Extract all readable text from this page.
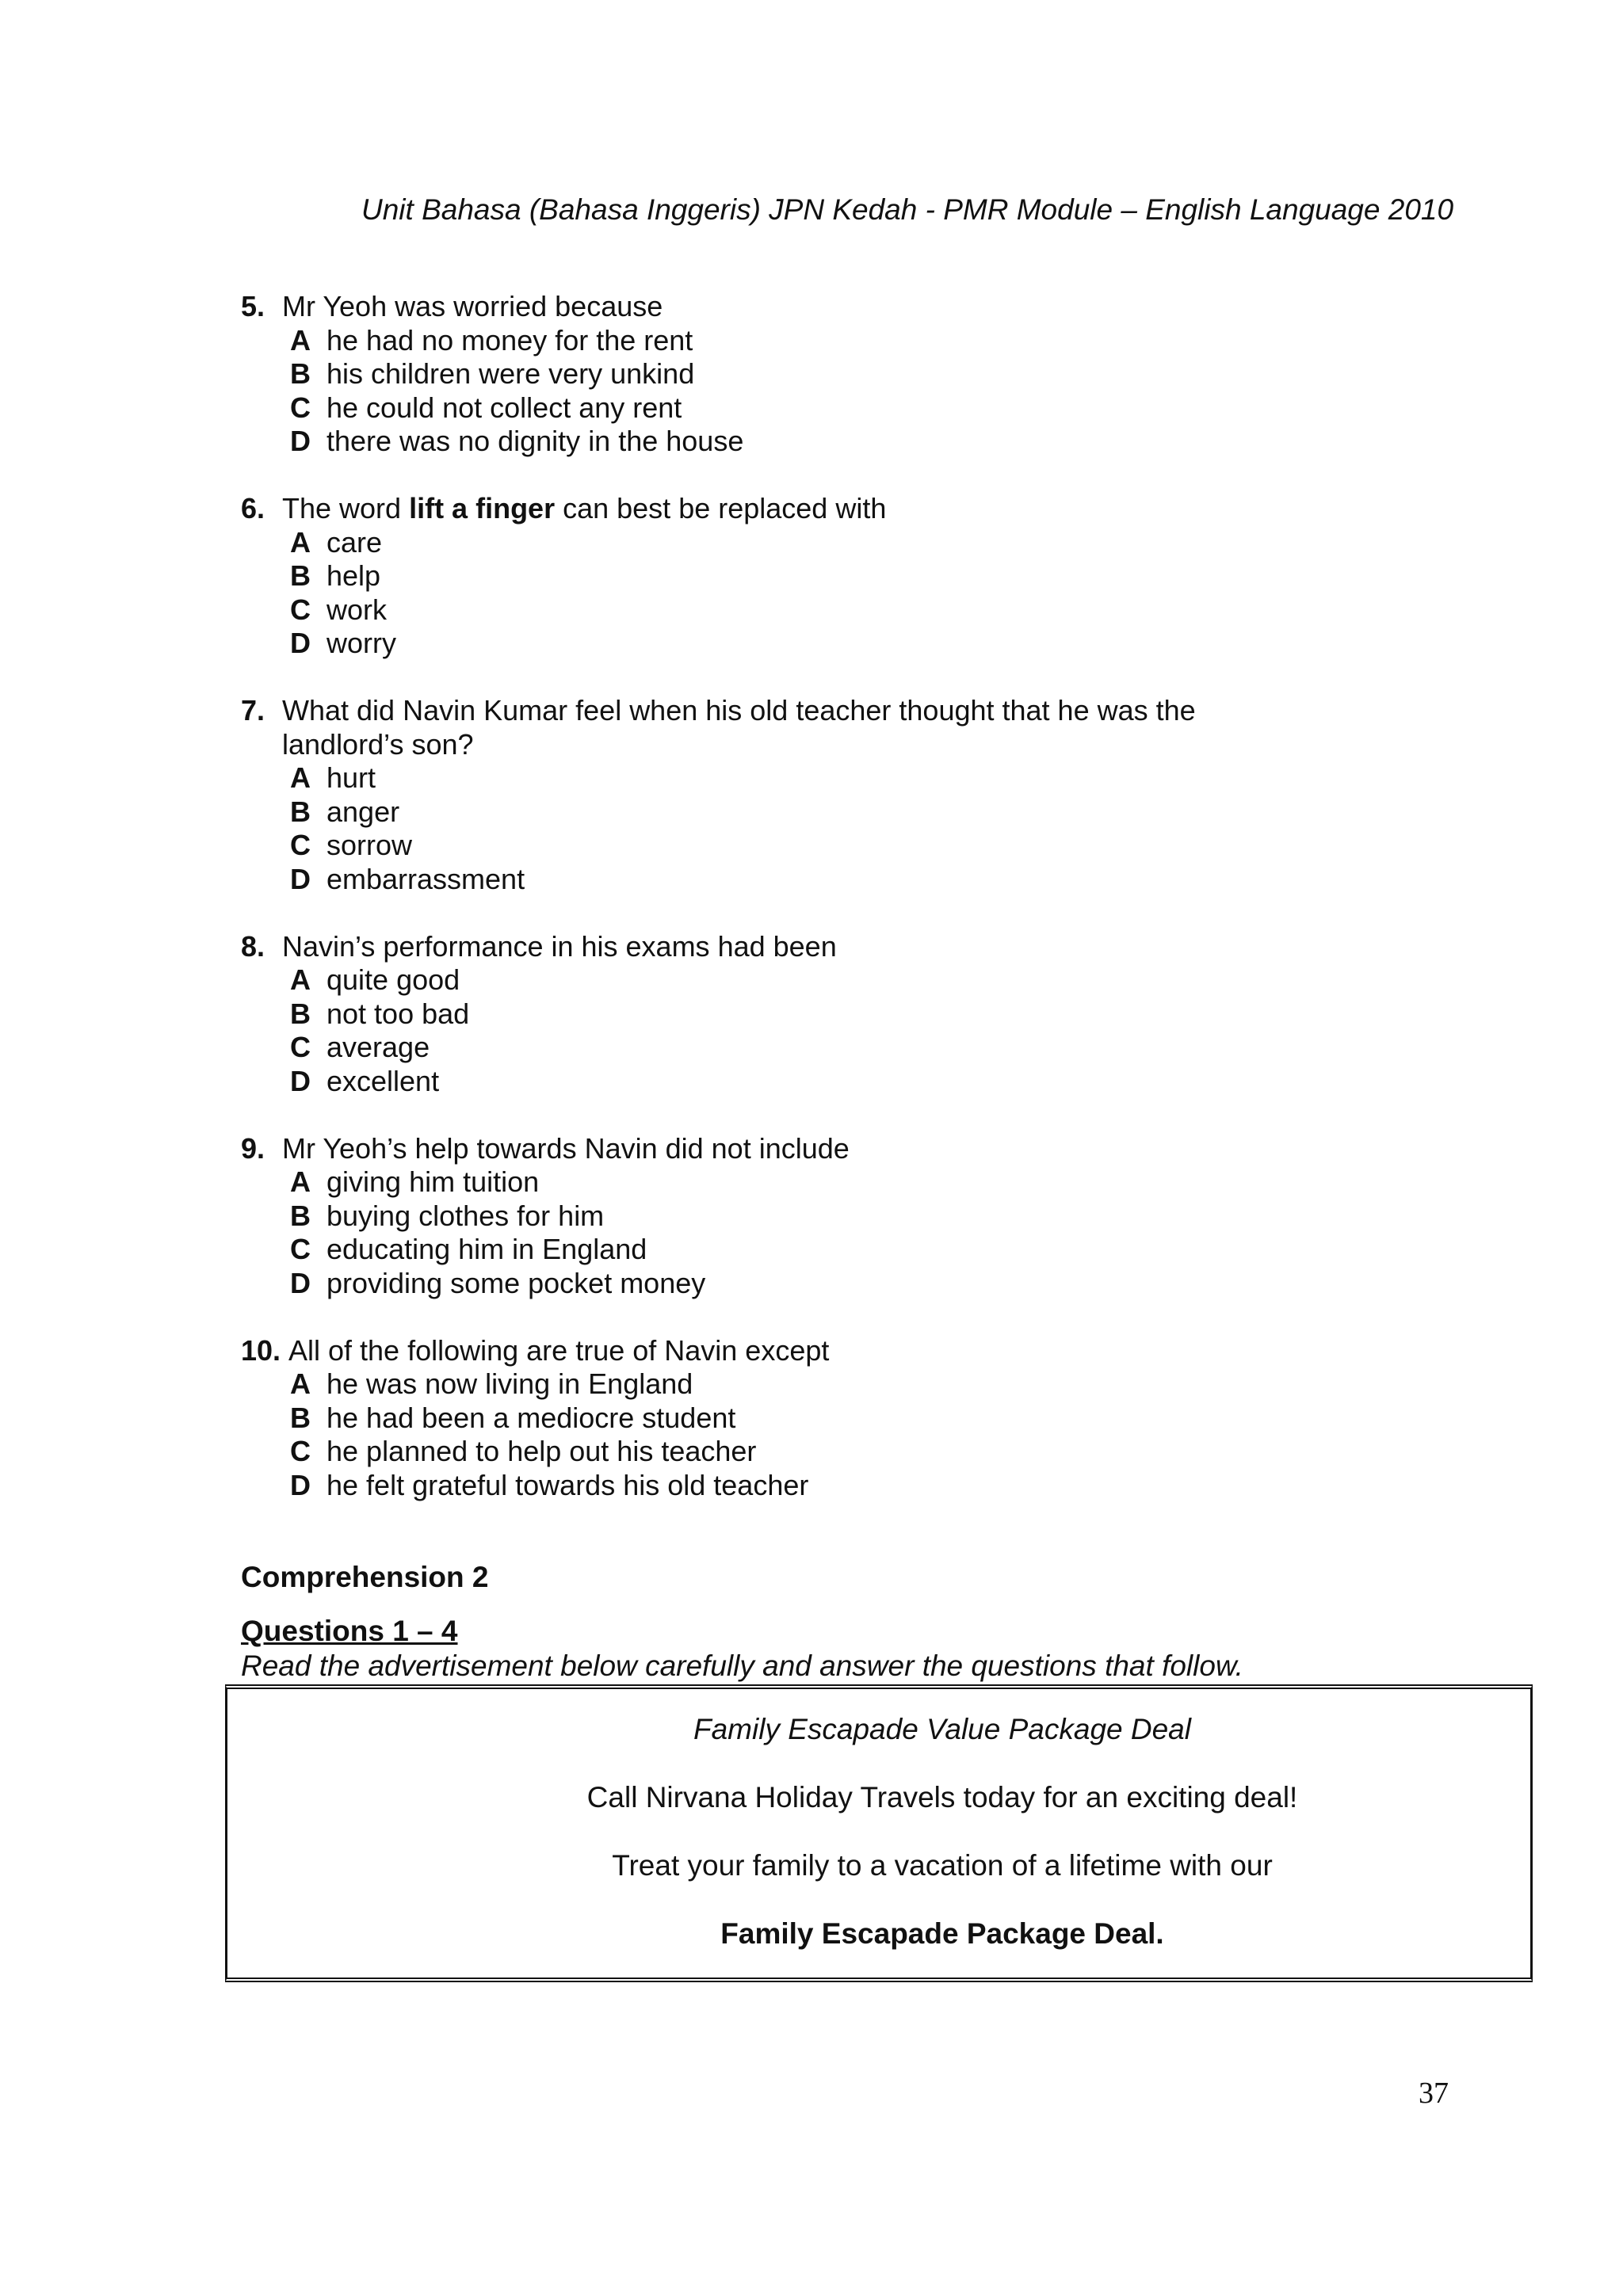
Unit Bahasa (Bahasa Inggeris) JPN Kedah - PMR Module – English Language 2010
5. Mr Yeoh was worried because
A he had no money for the rent
B his children were very unkind
C he could not collect any rent
D there was no dignity in the house
6. The word lift a finger can best be replaced with
A care
B help
C work
D worry
7. What did Navin Kumar feel when his old teacher thought that he was the landlord’s son?
A hurt
B anger
C sorrow
D embarrassment
8. Navin’s performance in his exams had been
A quite good
B not too bad
C average
D excellent
9. Mr Yeoh’s help towards Navin did not include
A giving him tuition
B buying clothes for him
C educating him in England
D providing some pocket money
10. All of the following are true of Navin except
A he was now living in England
B he had been a mediocre student
C he planned to help out his teacher
D he felt grateful towards his old teacher
Comprehension 2
Questions 1 – 4
Read the advertisement below carefully and answer the questions that follow.
Family Escapade Value Package Deal
Call Nirvana Holiday Travels today for an exciting deal!
Treat your family to a vacation of a lifetime with our
Family Escapade Package Deal.
37
